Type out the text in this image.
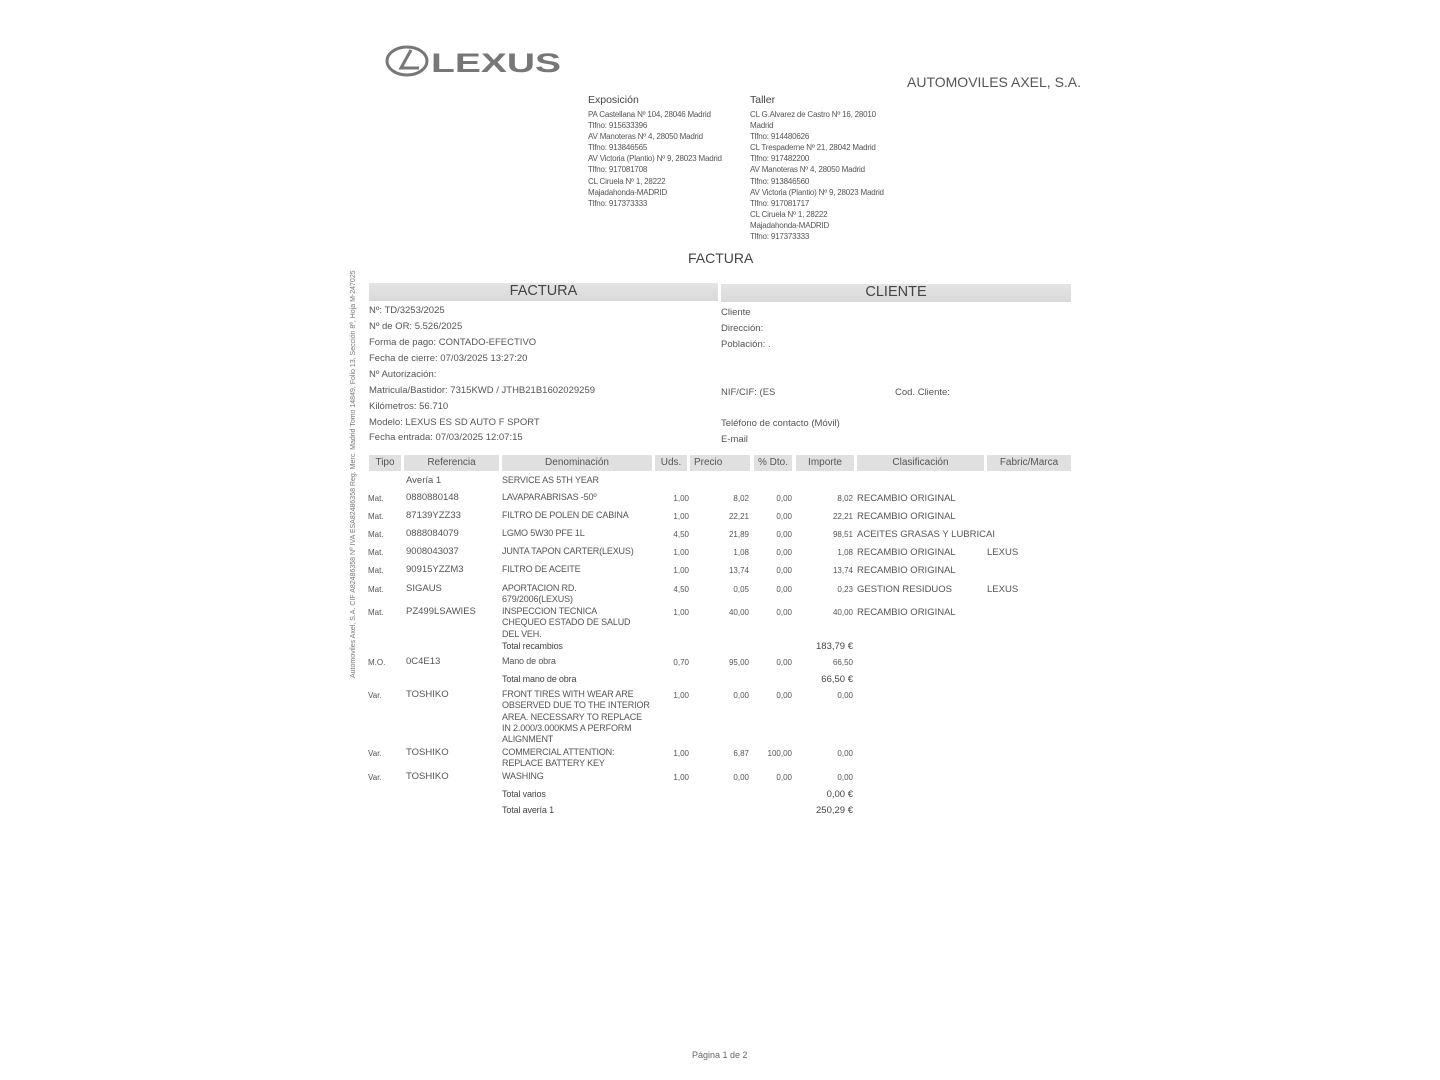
LEXUS
AUTOMOVILES AXEL, S.A.
Exposición
PA Castellana Nº 104, 28046 Madrid
Tlfno: 915633396
AV Manoteras Nº 4, 28050 Madrid
Tlfno: 913846565
AV Victoria (Plantio) Nº 9, 28023 Madrid
Tlfno: 917081708
CL Ciruela Nº 1, 28222
Majadahonda-MADRID
Tlfno: 917373333
Taller
CL G.Alvarez de Castro Nº 16, 28010
Madrid
Tlfno: 914480626
CL Trespaderne Nº 21, 28042 Madrid
Tlfno: 917482200
AV Manoteras Nº 4, 28050 Madrid
Tlfno: 913846560
AV Victoria (Plantio) Nº 9, 28023 Madrid
Tlfno: 917081717
CL Ciruela Nº 1, 28222
Majadahonda-MADRID
Tlfno: 917373333
FACTURA
FACTURA	CLIENTE
Nº: TD/3253/2025
Nº de OR: 5.526/2025
Forma de pago: CONTADO-EFECTIVO
Fecha de cierre: 07/03/2025 13:27:20
Nº Autorización:
Matricula/Bastidor: 7315KWD / JTHB21B1602029259
Kilómetros: 56.710
Modelo: LEXUS ES SD AUTO F SPORT
Fecha entrada: 07/03/2025 12:07:15
Cliente
Dirección:
Población: .
NIF/CIF: (ES	Cod. Cliente:
Teléfono de contacto (Móvil)
E-mail
Tipo	Referencia	Denominación	Uds.	Precio	% Dto.	Importe	Clasificación	Fabric/Marca
Avería 1	SERVICE AS 5TH YEAR
Mat. 0880880148	LAVAPARABRISAS -50º	1,00	8,02	0,00	8,02 RECAMBIO ORIGINAL
Mat. 87139YZZ33	FILTRO DE POLEN DE CABINA	1,00	22,21	0,00	22,21 RECAMBIO ORIGINAL
Mat. 0888084079	LGMO 5W30 PFE 1L	4,50	21,89	0,00	98,51 ACEITES GRASAS Y LUBRICAI
Mat. 9008043037	JUNTA TAPON CARTER(LEXUS)	1,00	1,08	0,00	1,08 RECAMBIO ORIGINAL	LEXUS
Mat. 90915YZZM3	FILTRO DE ACEITE	1,00	13,74	0,00	13,74 RECAMBIO ORIGINAL
Mat. SIGAUS	APORTACION RD.
679/2006(LEXUS)
4,50	0,05	0,00	0,23 GESTION RESIDUOS	LEXUS
Mat. PZ499LSAWIES	INSPECCION TECNICA
CHEQUEO ESTADO DE SALUD
DEL VEH.
1,00	40,00	0,00	40,00 RECAMBIO ORIGINAL
Total recambios	183,79 €
M.O. 0C4E13	Mano de obra	0,70	95,00	0,00	66,50
Total mano de obra	66,50 €
Var.	TOSHIKO	FRONT TIRES WITH WEAR ARE
OBSERVED DUE TO THE INTERIOR
AREA. NECESSARY TO REPLACE
IN 2.000/3.000KMS A PERFORM
ALIGNMENT
1,00	0,00	0,00	0,00
Var.	TOSHIKO	COMMERCIAL ATTENTION:
REPLACE BATTERY KEY
1,00	6,87	100,00	0,00
Var.	TOSHIKO	WASHING	1,00	0,00	0,00	0,00
Total varios	0,00 €
Total avería 1	250,29 €
Automoviles Axel, S.A. CIF A82486358 Nº IVA ESA82486358 Reg. Merc. Madrid Tomo 14849, Folio 13, Sección 8ª, Hoja M-247025
Página 1 de 2
